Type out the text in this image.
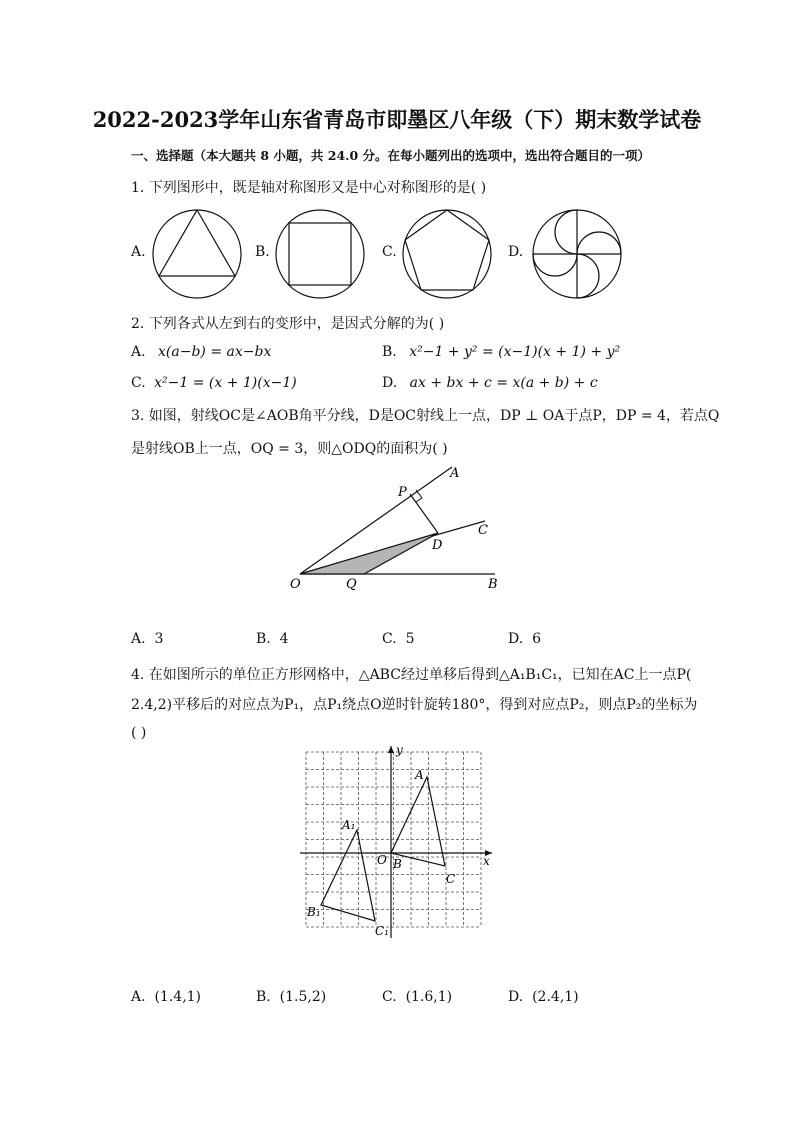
2022-2023学年山东省青岛市即墨区八年级（下）期末数学试卷
一、选择题（本大题共 8 小题，共 24.0 分。在每小题列出的选项中，选出符合题目的一项）
1. 下列图形中，既是轴对称图形又是中心对称图形的是( )
A.	B.	C.	D.
2. 下列各式从左到右的变形中，是因式分解的为( )
A. x(a−b) = ax−bx	B. x²−1 + y² = (x−1)(x + 1) + y²
C. x²−1 = (x + 1)(x−1)	D. ax + bx + c = x(a + b) + c
3. 如图，射线OC是∠AOB角平分线，D是OC射线上一点，DP ⊥ OA于点P，DP = 4，若点Q
是射线OB上一点，OQ = 3，则△ODQ的面积为( )
O	Q	B
D
C
P
A
A. 3	B. 4	C. 5	D. 6
4. 在如图所示的单位正方形网格中，△ABC经过单移后得到△A₁B₁C₁，已知在AC上一点P(
2.4,2)平移后的对应点为P₁，点P₁绕点O逆时针旋转180°，得到对应点P₂，则点P₂的坐标为
( )
y
x
O B
A
C
A₁
B₁
C₁
A. (1.4,1)	B. (1.5,2)	C. (1.6,1)	D. (2.4,1)
